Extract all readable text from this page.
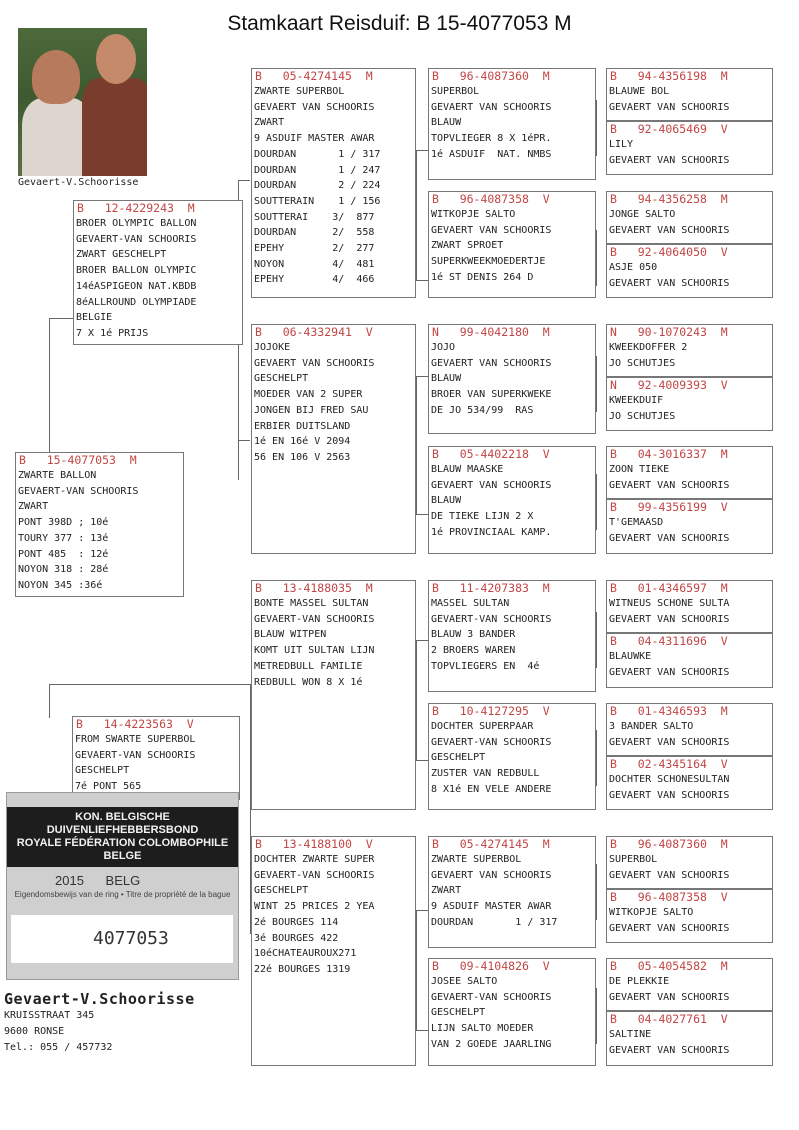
Stamkaart Reisduif: B 15-4077053 M
Gevaert-V.Schoorisse
B   15-4077053  M
ZWARTE BALLON
GEVAERT-VAN SCHOORIS
ZWART
PONT 398D ; 10é
TOURY 377 : 13é
PONT 485  : 12é
NOYON 318 : 28é
NOYON 345 :36é
B   12-4229243  M
BROER OLYMPIC BALLON
GEVAERT-VAN SCHOORIS
ZWART GESCHELPT
BROER BALLON OLYMPIC
14éASPIGEON NAT.KBDB
8éALLROUND OLYMPIADE
BELGIE
7 X 1é PRIJS
B   14-4223563  V
FROM SWARTE SUPERBOL
GEVAERT-VAN SCHOORIS
GESCHELPT
7é PONT 565
B   05-4274145  M
ZWARTE SUPERBOL
GEVAERT VAN SCHOORIS
ZWART
9 ASDUIF MASTER AWAR
DOURDAN       1 / 317
DOURDAN       1 / 247
DOURDAN       2 / 224
SOUTTERAIN    1 / 156
SOUTTERAI    3/  877
DOURDAN      2/  558
EPEHY        2/  277
NOYON        4/  481
EPEHY        4/  466
B   06-4332941  V
JOJOKE
GEVAERT VAN SCHOORIS
GESCHELPT
MOEDER VAN 2 SUPER
JONGEN BIJ FRED SAU
ERBIER DUITSLAND
1é EN 16é V 2094
56 EN 106 V 2563
B   13-4188035  M
BONTE MASSEL SULTAN
GEVAERT-VAN SCHOORIS
BLAUW WITPEN
KOMT UIT SULTAN LIJN
METREDBULL FAMILIE
REDBULL WON 8 X 1é
B   13-4188100  V
DOCHTER ZWARTE SUPER
GEVAERT-VAN SCHOORIS
GESCHELPT
WINT 25 PRICES 2 YEA
2é BOURGES 114
3é BOURGES 422
10éCHATEAUROUX271
22é BOURGES 1319
B   96-4087360  M
SUPERBOL
GEVAERT VAN SCHOORIS
BLAUW
TOPVLIEGER 8 X 1éPR.
1é ASDUIF  NAT. NMBS
B   96-4087358  V
WITKOPJE SALTO
GEVAERT VAN SCHOORIS
ZWART SPROET
SUPERKWEEKMOEDERTJE
1é ST DENIS 264 D
N   99-4042180  M
JOJO
GEVAERT VAN SCHOORIS
BLAUW
BROER VAN SUPERKWEKE
DE JO 534/99  RAS
B   05-4402218  V
BLAUW MAASKE
GEVAERT VAN SCHOORIS
BLAUW
DE TIEKE LIJN 2 X
1é PROVINCIAAL KAMP.
B   11-4207383  M
MASSEL SULTAN
GEVAERT-VAN SCHOORIS
BLAUW 3 BANDER
2 BROERS WAREN
TOPVLIEGERS EN  4é
B   10-4127295  V
DOCHTER SUPERPAAR
GEVAERT-VAN SCHOORIS
GESCHELPT
ZUSTER VAN REDBULL
8 X1é EN VELE ANDERE
B   05-4274145  M
ZWARTE SUPERBOL
GEVAERT VAN SCHOORIS
ZWART
9 ASDUIF MASTER AWAR
DOURDAN       1 / 317
B   09-4104826  V
JOSEE SALTO
GEVAERT-VAN SCHOORIS
GESCHELPT
LIJN SALTO MOEDER
VAN 2 GOEDE JAARLING
B   94-4356198  M
BLAUWE BOL
GEVAERT VAN SCHOORIS
B   92-4065469  V
LILY
GEVAERT VAN SCHOORIS
B   94-4356258  M
JONGE SALTO
GEVAERT VAN SCHOORIS
B   92-4064050  V
ASJE 050
GEVAERT VAN SCHOORIS
N   90-1070243  M
KWEEKDOFFER 2
JO SCHUTJES
N   92-4009393  V
KWEEKDUIF
JO SCHUTJES
B   04-3016337  M
ZOON TIEKE
GEVAERT VAN SCHOORIS
B   99-4356199  V
T'GEMAASD
GEVAERT VAN SCHOORIS
B   01-4346597  M
WITNEUS SCHONE SULTA
GEVAERT VAN SCHOORIS
B   04-4311696  V
BLAUWKE
GEVAERT VAN SCHOORIS
B   01-4346593  M
3 BANDER SALTO
GEVAERT VAN SCHOORIS
B   02-4345164  V
DOCHTER SCHONESULTAN
GEVAERT VAN SCHOORIS
B   96-4087360  M
SUPERBOL
GEVAERT VAN SCHOORIS
B   96-4087358  V
WITKOPJE SALTO
GEVAERT VAN SCHOORIS
B   05-4054582  M
DE PLEKKIE
GEVAERT VAN SCHOORIS
B   04-4027761  V
SALTINE
GEVAERT VAN SCHOORIS
KON. BELGISCHE DUIVENLIEFHEBBERSBOND
ROYALE FÉDÉRATION COLOMBOPHILE BELGE
2015 BELG
Eigendomsbewijs van de ring • Titre de propriété de la bague
4077053
Gevaert-V.Schoorisse
KRUISSTRAAT 345
9600 RONSE
Tel.: 055 / 457732
